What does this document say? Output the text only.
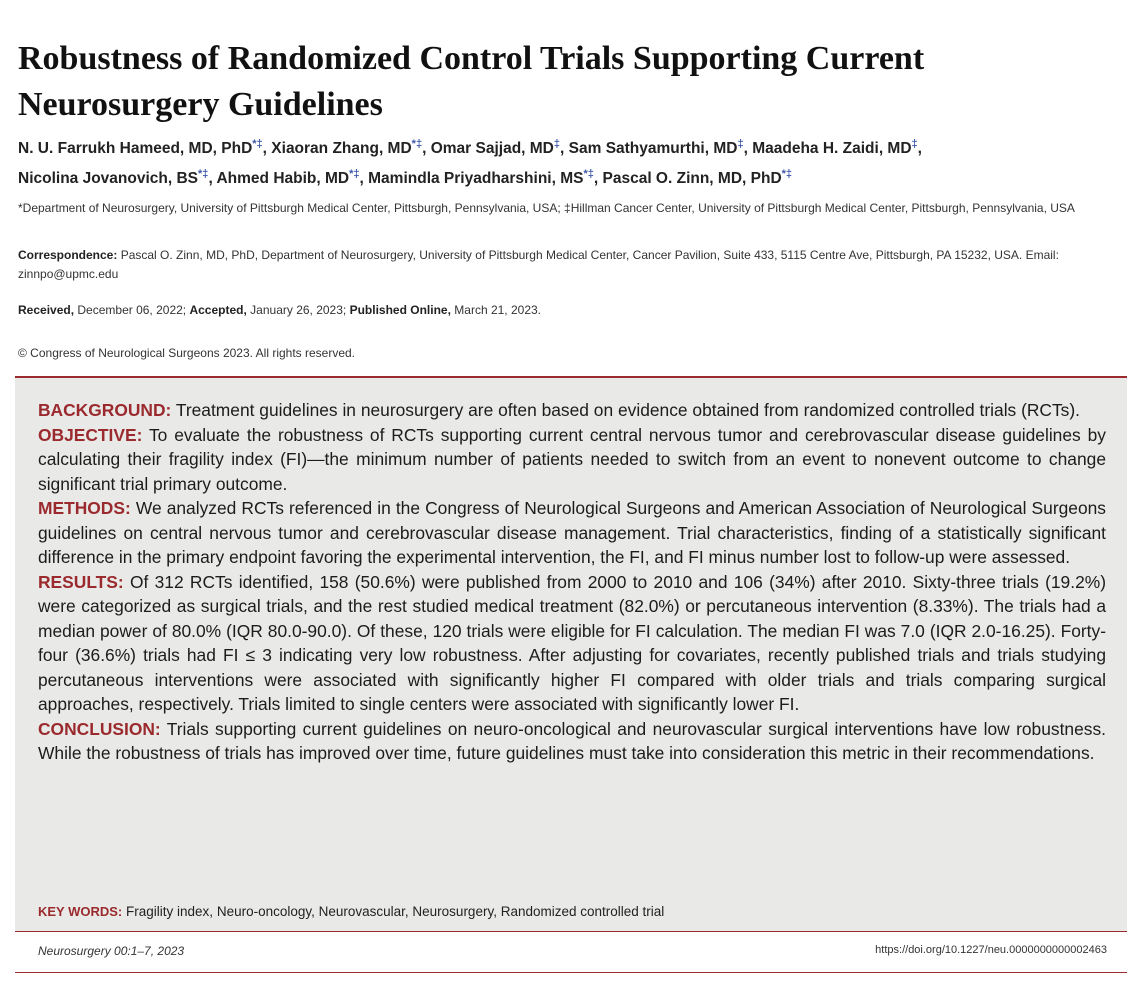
Robustness of Randomized Control Trials Supporting Current Neurosurgery Guidelines
N. U. Farrukh Hameed, MD, PhD*‡, Xiaoran Zhang, MD*‡, Omar Sajjad, MD‡, Sam Sathyamurthi, MD‡, Maadeha H. Zaidi, MD‡,
Nicolina Jovanovich, BS*‡, Ahmed Habib, MD*‡, Mamindla Priyadharshini, MS*‡, Pascal O. Zinn, MD, PhD*‡
*Department of Neurosurgery, University of Pittsburgh Medical Center, Pittsburgh, Pennsylvania, USA; ‡Hillman Cancer Center, University of Pittsburgh Medical Center, Pittsburgh, Pennsylvania, USA
Correspondence: Pascal O. Zinn, MD, PhD, Department of Neurosurgery, University of Pittsburgh Medical Center, Cancer Pavilion, Suite 433, 5115 Centre Ave, Pittsburgh, PA 15232, USA. Email: zinnpo@upmc.edu
Received, December 06, 2022; Accepted, January 26, 2023; Published Online, March 21, 2023.
© Congress of Neurological Surgeons 2023. All rights reserved.

BACKGROUND: Treatment guidelines in neurosurgery are often based on evidence obtained from randomized controlled trials (RCTs).

OBJECTIVE: To evaluate the robustness of RCTs supporting current central nervous tumor and cerebrovascular disease guidelines by calculating their fragility index (FI)—the minimum number of patients needed to switch from an event to nonevent outcome to change significant trial primary outcome.

METHODS: We analyzed RCTs referenced in the Congress of Neurological Surgeons and American Association of Neurological Surgeons guidelines on central nervous tumor and cerebrovascular disease management. Trial characteristics, finding of a statistically significant difference in the primary endpoint favoring the experimental intervention, the FI, and FI minus number lost to follow-up were assessed.

RESULTS: Of 312 RCTs identified, 158 (50.6%) were published from 2000 to 2010 and 106 (34%) after 2010. Sixty-three trials (19.2%) were categorized as surgical trials, and the rest studied medical treatment (82.0%) or percutaneous intervention (8.33%). The trials had a median power of 80.0% (IQR 80.0-90.0). Of these, 120 trials were eligible for FI calculation. The median FI was 7.0 (IQR 2.0-16.25). Forty-four (36.6%) trials had FI ≤ 3 indicating very low robustness. After adjusting for covariates, recently published trials and trials studying percutaneous interventions were associated with significantly higher FI compared with older trials and trials comparing surgical approaches, respectively. Trials limited to single centers were associated with significantly lower FI.

CONCLUSION: Trials supporting current guidelines on neuro-oncological and neurovascular surgical interventions have low robustness. While the robustness of trials has improved over time, future guidelines must take into consideration this metric in their recommendations.

KEY WORDS: Fragility index, Neuro-oncology, Neurovascular, Neurosurgery, Randomized controlled trial
Neurosurgery 00:1–7, 2023	https://doi.org/10.1227/neu.0000000000002463
